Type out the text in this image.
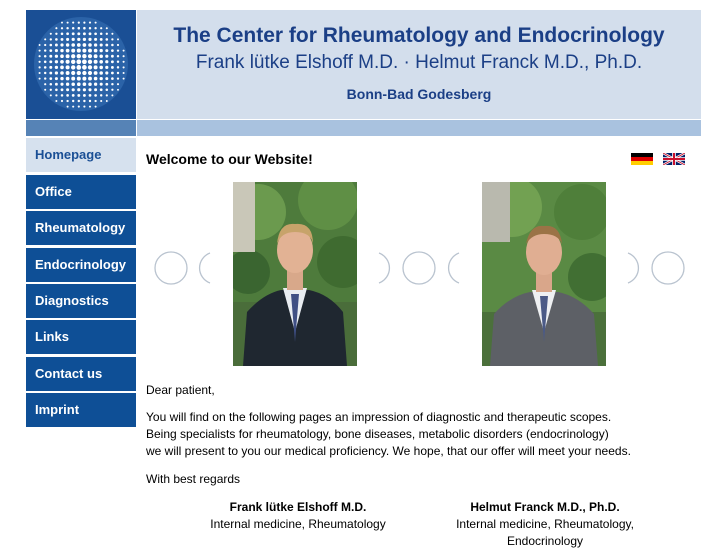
The Center for Rheumatology and Endocrinology
Frank lütke Elshoff M.D. · Helmut Franck M.D., Ph.D.
Bonn-Bad Godesberg
Homepage
Office
Rheumatology
Endocrinology
Diagnostics
Links
Contact us
Imprint
Welcome to our Website!
Dear patient,
You will find on the following pages an impression of diagnostic and therapeutic scopes.
Being specialists for rheumatology, bone diseases, metabolic disorders (endocrinology)
we will present to you our medical proficiency. We hope, that our offer will meet your needs.
With best regards
Frank lütke Elshoff M.D.
Internal medicine, Rheumatology
Helmut Franck M.D., Ph.D.
Internal medicine, Rheumatology,
Endocrinology
